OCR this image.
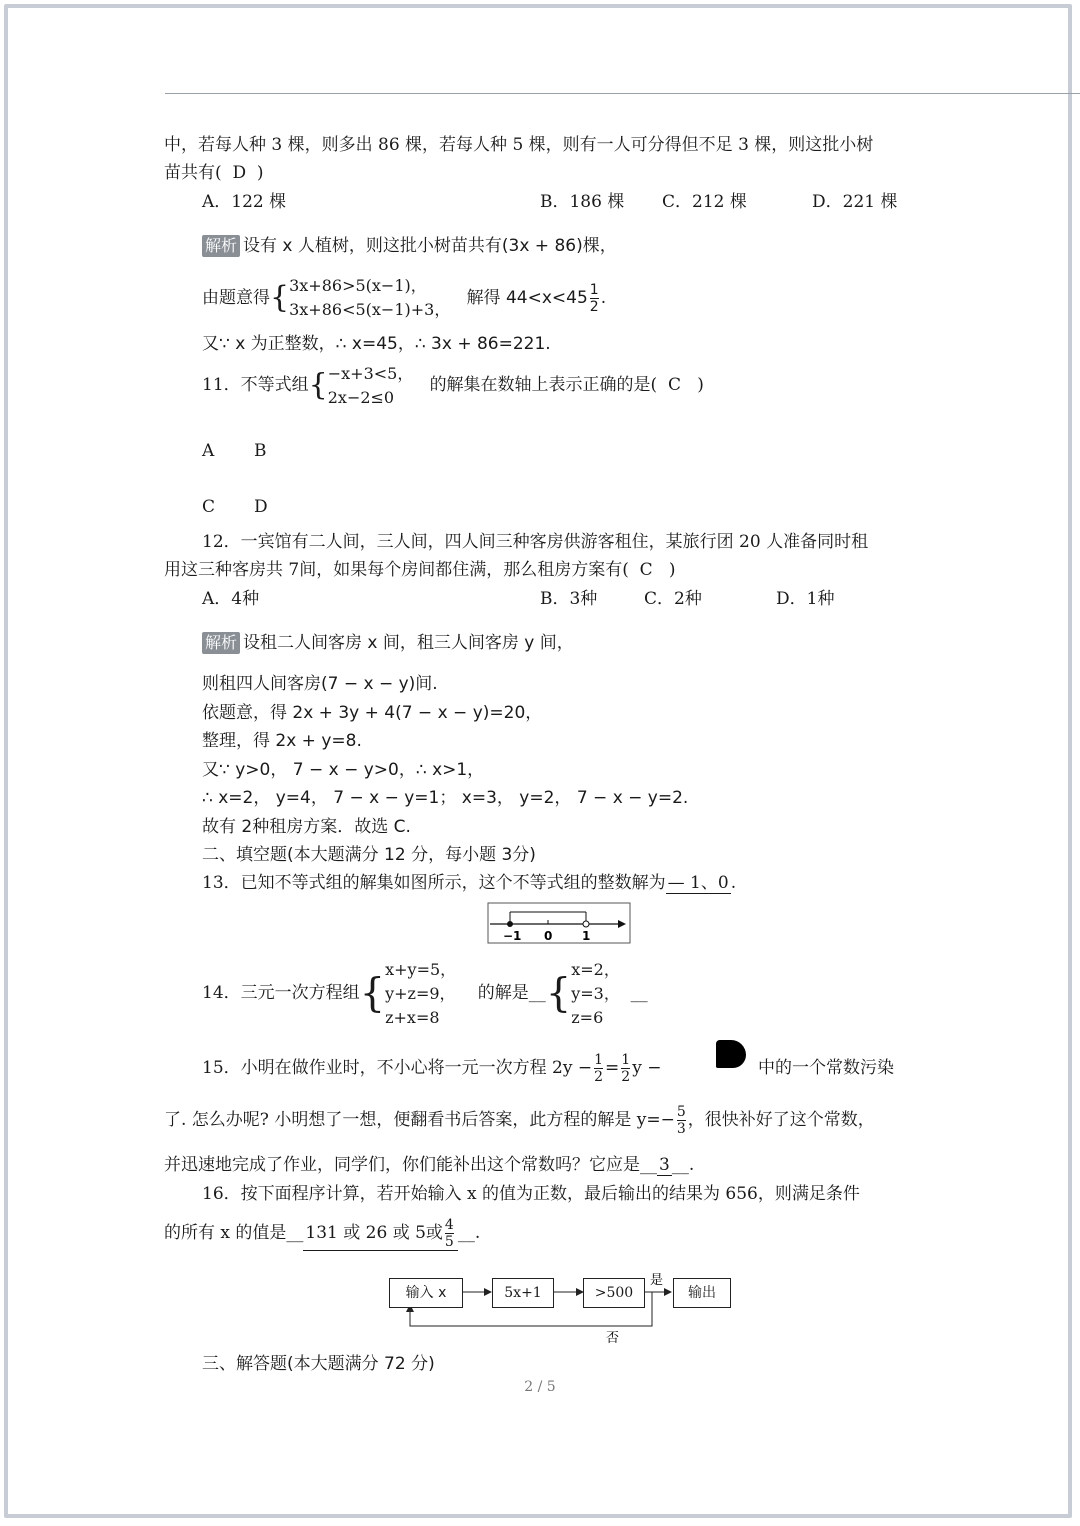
中，若每人种 3 棵，则多出 86 棵，若每人种 5 棵，则有一人可分得但不足 3 棵，则这批小树
苗共有( D )
A．122 棵	B．186 棵 C．212 棵	D．221 棵
解析 设有 x 人植树，则这批小树苗共有(3x + 86)棵，
由题意得{ 3x+86>5(x−1)，
3x+86<5(x−1)+3，
解得 $44<x<45 \frac{1}{2}$ .
又∵ x 为正整数，∴ x=45，∴ 3x + 86=221.
11．不等式组{ −x+3<5，
2x−2≤0
的解集在数轴上表示正确的是( C )
A B
C D
12．一宾馆有二人间，三人间，四人间三种客房供游客租住，某旅行团 20 人准备同时租
用这三种客房共 7间，如果每个房间都住满，那么租房方案有( C )
A．4种	B．3种	C．2种	D．1种
解析 设租二人间客房 x 间，租三人间客房 y 间，
则租四人间客房(7 − x − y)间.
依题意，得 2x + 3y + 4(7 − x − y)=20，
整理，得 2x + y=8.
又∵ y>0， 7 − x − y>0，∴ x>1，
∴ x=2， y=4， 7 − x − y=1； x=3， y=2， 7 − x − y=2.
故有 2种租房方案．故选 C.
二、填空题(本大题满分 12 分，每小题 3分)
13．已知不等式组的解集如图所示，这个不等式组的整数解为 — 1、0 .
−1 0 1
14．三元一次方程组{
x+y=5，
y+z=9，
z+x=8
的解是__{
x=2，
y=3，
z=6
__
15．小明在做作业时，不小心将一元一次方程 $2y - \frac{1}{2} = \frac{1}{2}$ y −	中的一个常数污染
了. 怎么办呢? 小明想了一想，便翻看书后答案，此方程的解是 $y=- \frac{5}{3}$ ，很快补好了这个常数，
并迅速地完成了作业，同学们，你们能补出这个常数吗？它应是__ 3 __.
16．按下面程序计算，若开始输入 x 的值为正数，最后输出的结果为 656，则满足条件
的所有 x 的值是__ 131 或 26 或 5或 $\frac{4}{5}$ __.
是
否
输入 x	5x+1	>500	输出
三、解答题(本大题满分 72 分)
2 / 5
